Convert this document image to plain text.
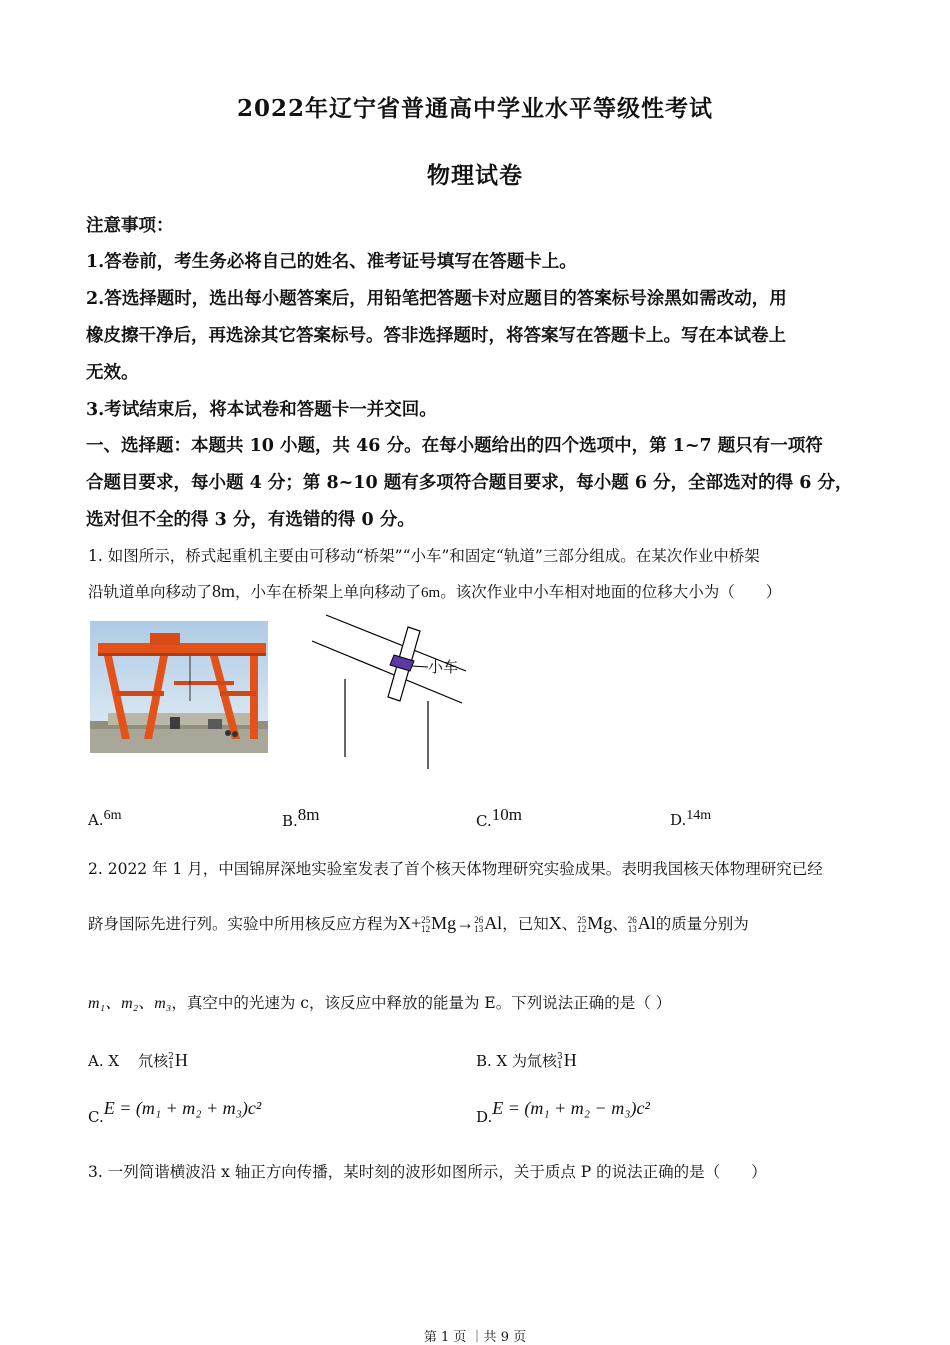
2022年辽宁省普通高中学业水平等级性考试
物理试卷
注意事项：
1.答卷前，考生务必将自己的姓名、准考证号填写在答题卡上。
2.答选择题时，选出每小题答案后，用铅笔把答题卡对应题目的答案标号涂黑如需改动，用
橡皮擦干净后，再选涂其它答案标号。答非选择题时，将答案写在答题卡上。写在本试卷上
无效。
3.考试结束后，将本试卷和答题卡一并交回。
一、选择题：本题共 10 小题，共 46 分。在每小题给出的四个选项中，第 1~7 题只有一项符
合题目要求，每小题 4 分；第 8~10 题有多项符合题目要求，每小题 6 分，全部选对的得 6 分，
选对但不全的得 3 分，有选错的得 0 分。
1. 如图所示，桥式起重机主要由可移动“桥架”“小车”和固定“轨道”三部分组成。在某次作业中桥架
沿轨道单向移动了8m，小车在桥架上单向移动了6m。该次作业中小车相对地面的位移大小为（　　）
小车
A.6m	B.8m	C.10m	D.14m
2. 2022 年 1 月，中国锦屏深地实验室发表了首个核天体物理研究实验成果。表明我国核天体物理研究已经
跻身国际先进行列。实验中所用核反应方程为X+ 25
12 Mg→ 26
13 Al，已知X、 25
12 Mg、 26
13 Al的质量分别为
m₁、m₂、m₃，真空中的光速为 c，该反应中释放的能量为 E。下列说法正确的是（ ）
A. X 氘核 2
1 H	B. X 为氚核 3
1 H
C.E = (m₁ + m₂ + m₃)c²	D.E = (m₁ + m₂ − m₃)c²
3. 一列简谐横波沿 x 轴正方向传播，某时刻的波形如图所示，关于质点 P 的说法正确的是（　　）
第 1 页 ｜共 9 页
